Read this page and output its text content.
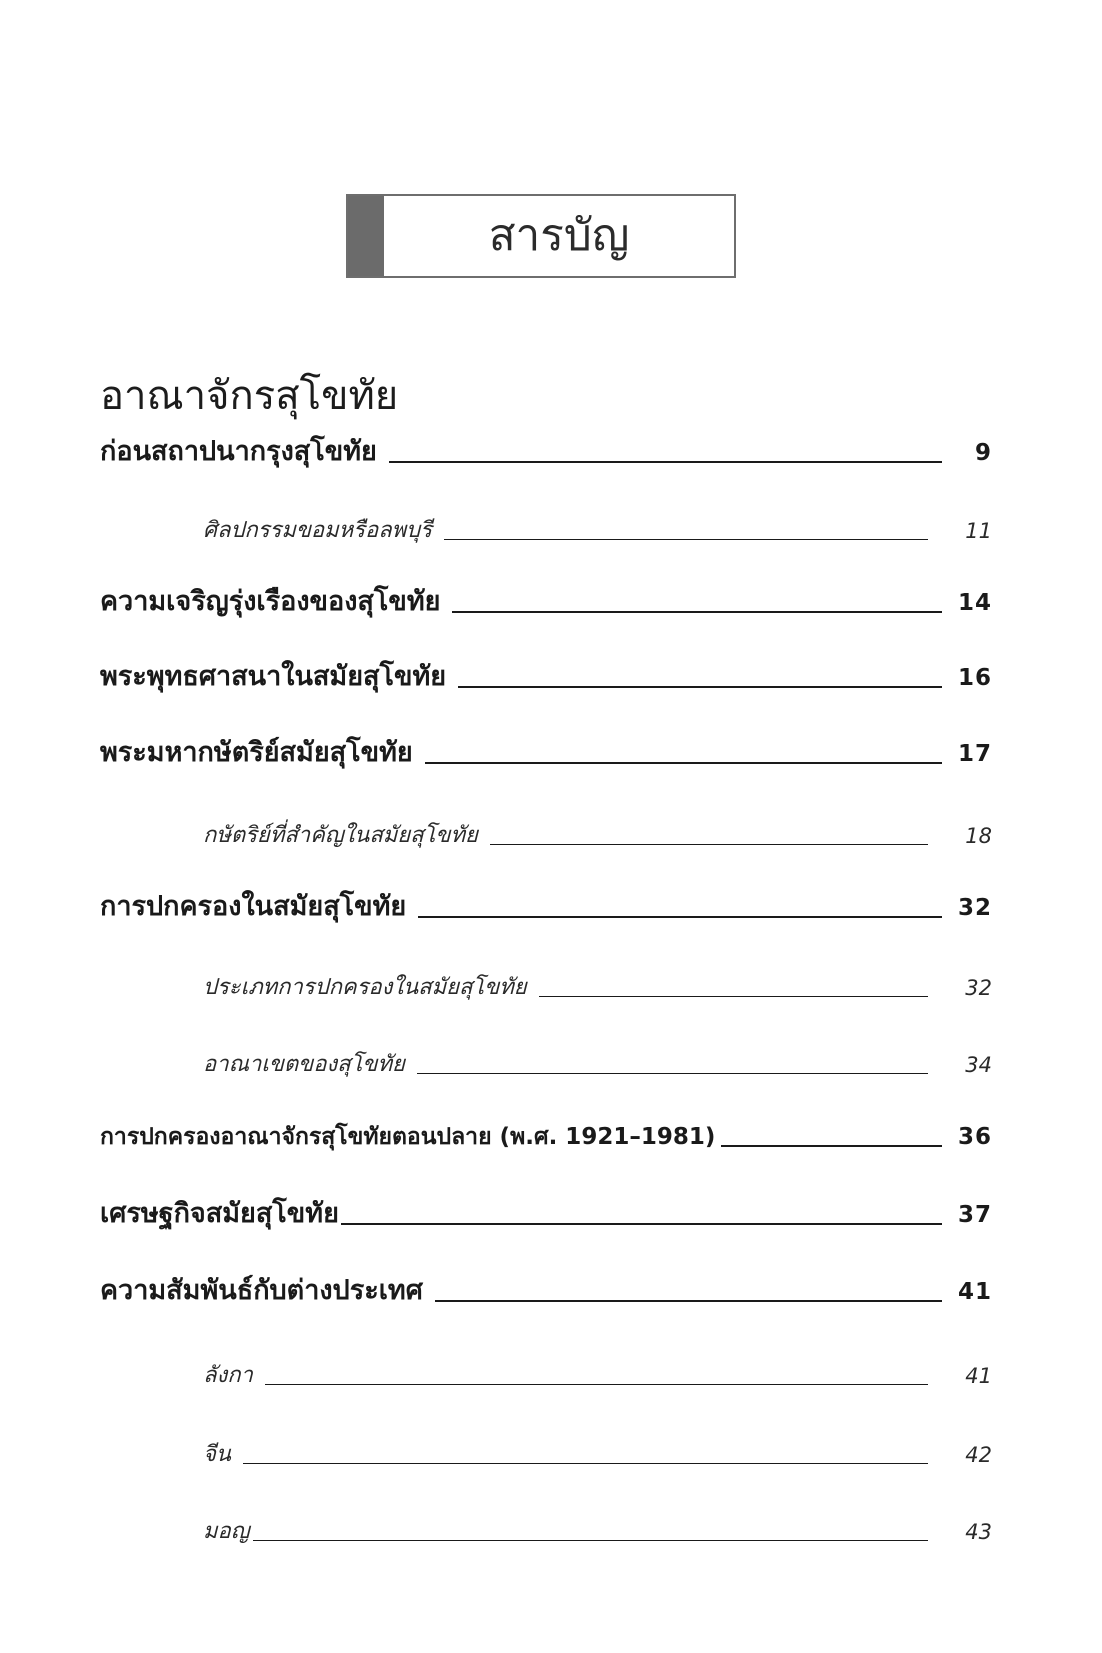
สารบัญ
อาณาจักรสุโขทัย
ก่อนสถาปนากรุงสุโขทัย	9
ศิลปกรรมขอมหรือลพบุรี	11
ความเจริญรุ่งเรืองของสุโขทัย	14
พระพุทธศาสนาในสมัยสุโขทัย	16
พระมหากษัตริย์สมัยสุโขทัย	17
กษัตริย์ที่สำคัญในสมัยสุโขทัย	18
การปกครองในสมัยสุโขทัย	32
ประเภทการปกครองในสมัยสุโขทัย	32
อาณาเขตของสุโขทัย	34
การปกครองอาณาจักรสุโขทัยตอนปลาย (พ.ศ. 1921–1981)	36
เศรษฐกิจสมัยสุโขทัย	37
ความสัมพันธ์กับต่างประเทศ	41
ลังกา	41
จีน	42
มอญ	43
